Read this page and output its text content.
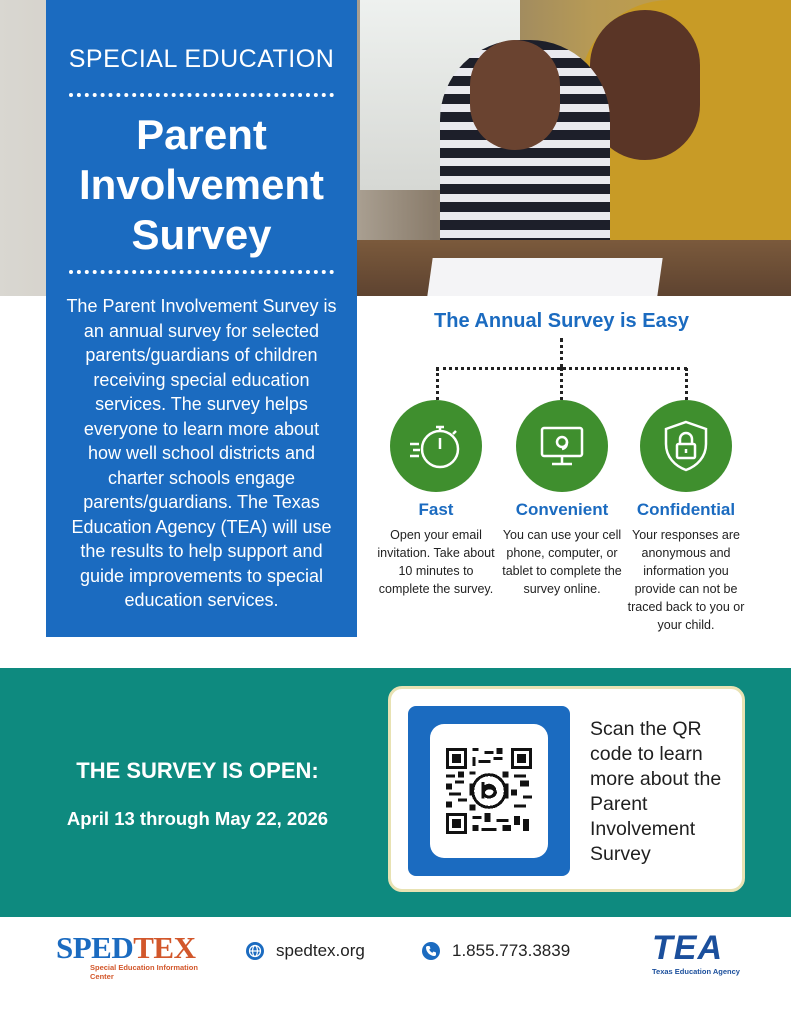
SPECIAL EDUCATION
Parent
Involvement
Survey
The Parent Involvement Survey is an annual survey for selected parents/guardians of children receiving special education services. The survey helps everyone to learn more about how well school districts and charter schools engage parents/guardians. The Texas Education Agency (TEA) will use the results to help support and guide improvements to special education services.
The Annual Survey is Easy
Fast
Open your email invitation. Take about 10 minutes to complete the survey.
Convenient
You can use your cell phone, computer, or tablet to complete the survey online.
Confidential
Your responses are anonymous and information you provide can not be traced back to you or your child.
THE SURVEY IS OPEN:
April 13 through May 22, 2026
Scan the QR code to learn more about the Parent Involvement Survey
SPEDTEX
Special Education Information Center
spedtex.org	1.855.773.3839 TEA
Texas Education Agency
